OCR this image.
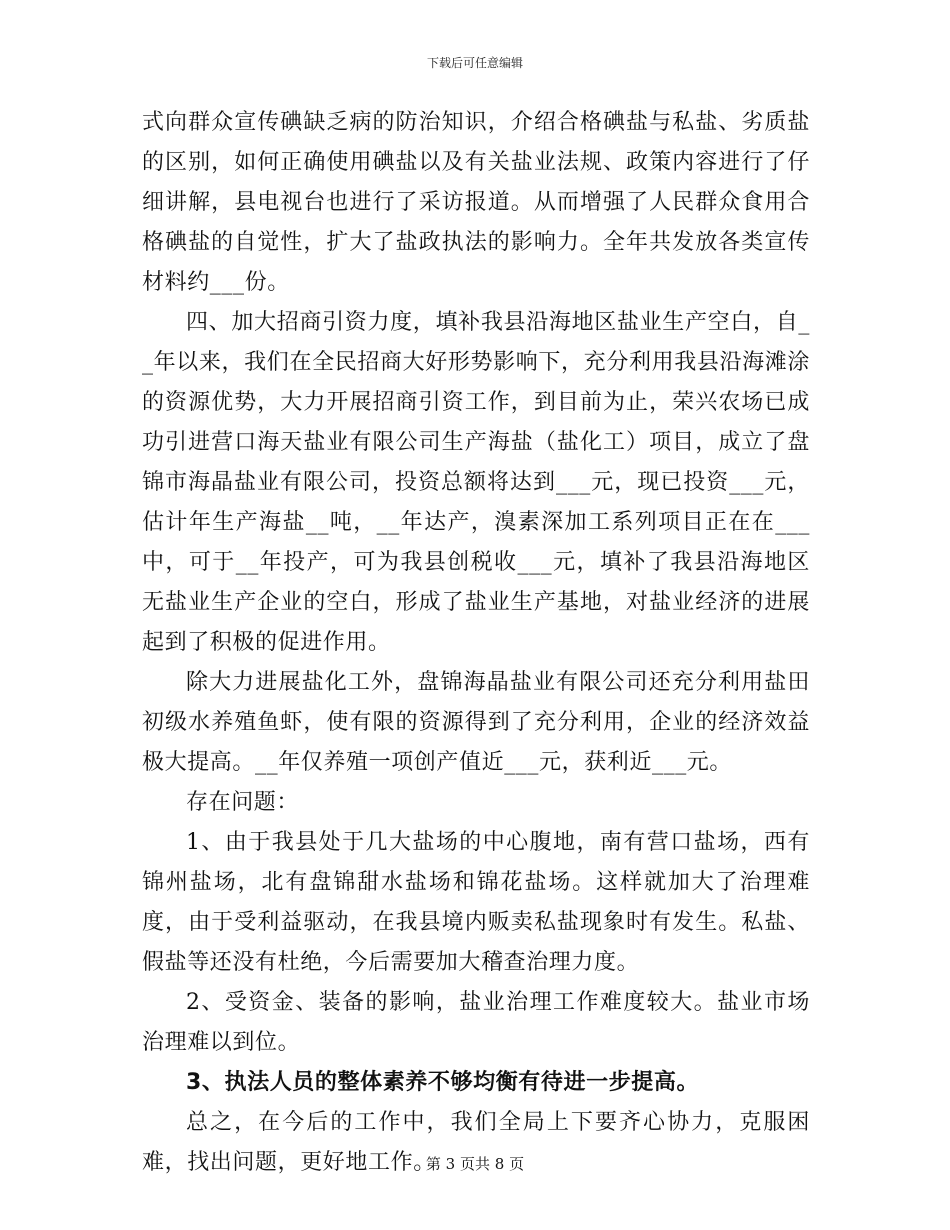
下载后可任意编辑

式向群众宣传碘缺乏病的防治知识，介绍合格碘盐与私盐、劣质盐的区别，如何正确使用碘盐以及有关盐业法规、政策内容进行了仔细讲解，县电视台也进行了采访报道。从而增强了人民群众食用合格碘盐的自觉性，扩大了盐政执法的影响力。全年共发放各类宣传材料约___份。

四、加大招商引资力度，填补我县沿海地区盐业生产空白，自__年以来，我们在全民招商大好形势影响下，充分利用我县沿海滩涂的资源优势，大力开展招商引资工作，到目前为止，荣兴农场已成功引进营口海天盐业有限公司生产海盐（盐化工）项目，成立了盘锦市海晶盐业有限公司，投资总额将达到___元，现已投资___元，估计年生产海盐__吨，__年达产，溴素深加工系列项目正在在___中，可于__年投产，可为我县创税收___元，填补了我县沿海地区无盐业生产企业的空白，形成了盐业生产基地，对盐业经济的进展起到了积极的促进作用。

除大力进展盐化工外，盘锦海晶盐业有限公司还充分利用盐田初级水养殖鱼虾，使有限的资源得到了充分利用，企业的经济效益极大提高。__年仅养殖一项创产值近___元，获利近___元。

存在问题：

1、由于我县处于几大盐场的中心腹地，南有营口盐场，西有锦州盐场，北有盘锦甜水盐场和锦花盐场。这样就加大了治理难度，由于受利益驱动，在我县境内贩卖私盐现象时有发生。私盐、假盐等还没有杜绝，今后需要加大稽查治理力度。

2、受资金、装备的影响，盐业治理工作难度较大。盐业市场治理难以到位。

3、执法人员的整体素养不够均衡有待进一步提高。

总之，在今后的工作中，我们全局上下要齐心协力，克服困难，找出问题，更好地工作。

第 3 页共 8 页
